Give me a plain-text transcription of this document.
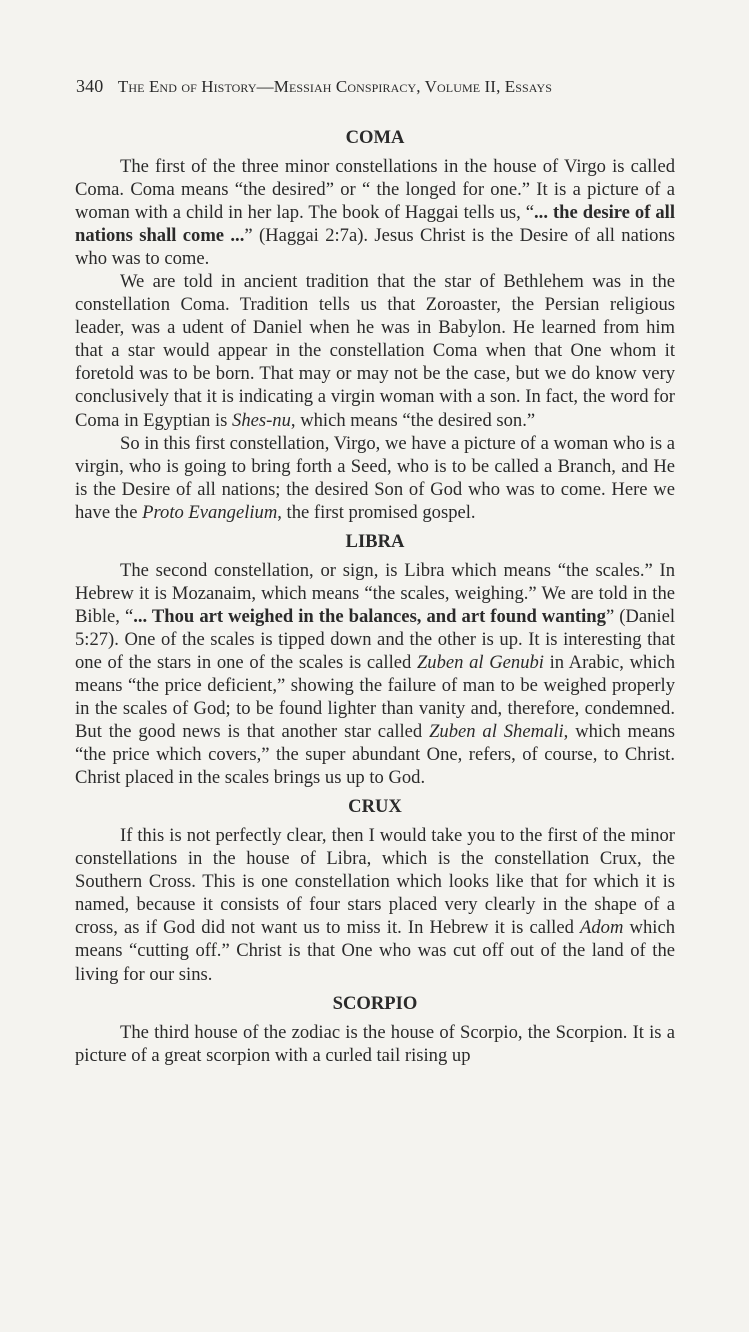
340 The End of History—Messiah Conspiracy, Volume II, Essays
COMA

The first of the three minor constellations in the house of Virgo is called Coma. Coma means “the desired” or “ the longed for one.” It is a picture of a woman with a child in her lap. The book of Haggai tells us, “... the desire of all nations shall come ...” (Haggai 2:7a). Jesus Christ is the Desire of all nations who was to come.

We are told in ancient tradition that the star of Bethlehem was in the constellation Coma. Tradition tells us that Zoroaster, the Persian religious leader, was a udent of Daniel when he was in Babylon. He learned from him that a star would appear in the constellation Coma when that One whom it foretold was to be born. That may or may not be the case, but we do know very conclusively that it is indicating a virgin woman with a son. In fact, the word for Coma in Egyptian is Shes-nu, which means “the desired son.”

So in this first constellation, Virgo, we have a picture of a woman who is a virgin, who is going to bring forth a Seed, who is to be called a Branch, and He is the Desire of all nations; the desired Son of God who was to come. Here we have the Proto Evangelium, the first promised gospel.

LIBRA

The second constellation, or sign, is Libra which means “the scales.” In Hebrew it is Mozanaim, which means “the scales, weighing.” We are told in the Bible, “... Thou art weighed in the balances, and art found wanting” (Daniel 5:27). One of the scales is tipped down and the other is up. It is interesting that one of the stars in one of the scales is called Zuben al Genubi in Arabic, which means “the price deficient,” showing the failure of man to be weighed properly in the scales of God; to be found lighter than vanity and, therefore, condemned. But the good news is that another star called Zuben al Shemali, which means “the price which covers,” the super abundant One, refers, of course, to Christ. Christ placed in the scales brings us up to God.

CRUX

If this is not perfectly clear, then I would take you to the first of the minor constellations in the house of Libra, which is the constellation Crux, the Southern Cross. This is one constellation which looks like that for which it is named, because it consists of four stars placed very clearly in the shape of a cross, as if God did not want us to miss it. In Hebrew it is called Adom which means “cutting off.” Christ is that One who was cut off out of the land of the living for our sins.

SCORPIO

The third house of the zodiac is the house of Scorpio, the Scorpion. It is a picture of a great scorpion with a curled tail rising up
